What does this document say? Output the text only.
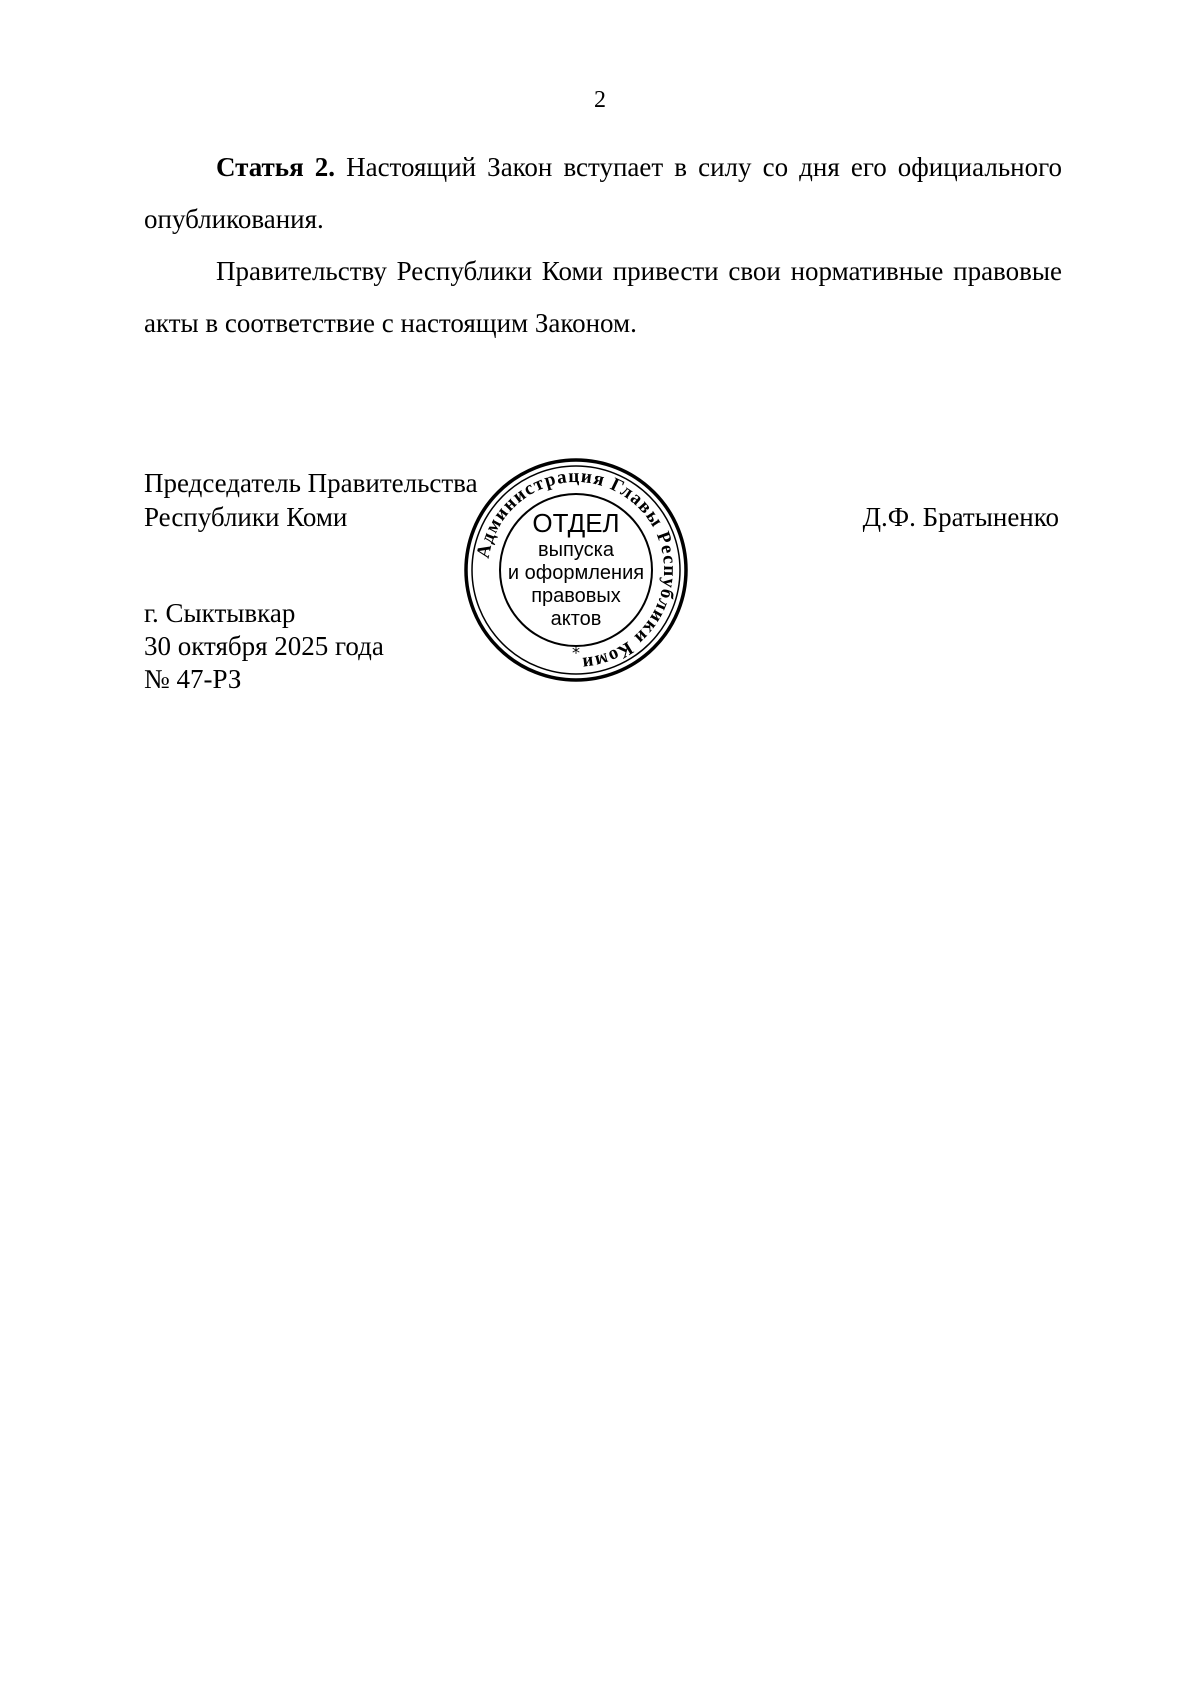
2

Статья 2. Настоящий Закон вступает в силу со дня его официального опубликования.

Правительству Республики Коми привести свои нормативные правовые акты в соответствие с настоящим Законом.

Председатель Правительства
Республики Коми	Д.Ф. Братыненко
г. Сыктывкар
30 октября 2025 года
№ 47-РЗ
Администрация Главы Республики Коми
ОТДЕЛ
выпуска
и оформления
правовых
актов
*
